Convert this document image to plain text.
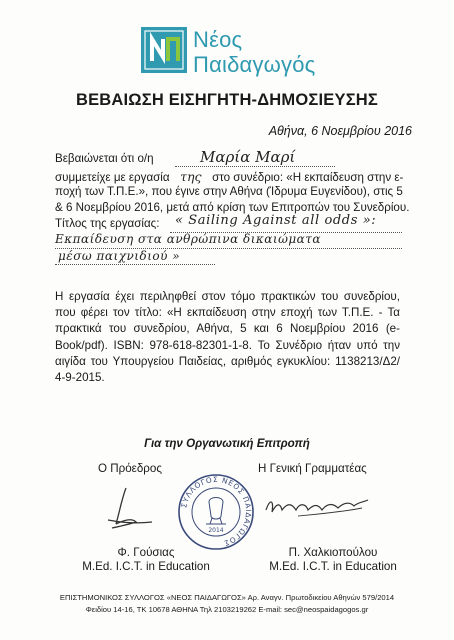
Νέος
Παιδαγωγός
ΒΕΒΑΙΩΣΗ ΕΙΣΗΓΗΤΗ-ΔΗΜΟΣΙΕΥΣΗΣ
Αθήνα, 6 Νοεμβρίου 2016
Βεβαιώνεται ότι ο/η	Μαρία Μαρί
συμμετείχε με εργασία της στο συνέδριο: «Η εκπαίδευση στην ε-
ποχή των Τ.Π.Ε.», που έγινε στην Αθήνα (Ίδρυμα Ευγενίδου), στις 5
& 6 Νοεμβρίου 2016, μετά από κρίση των Επιτροπών του Συνεδρίου.
Τίτλος της εργασίας: « Sailing Against all odds »:
Εκπαίδευση στα ανθρώπινα δικαιώματα
μέσω παιχνιδιού »
Η εργασία έχει περιληφθεί στον τόμο πρακτικών του συνεδρίου, που φέρει τον τίτλο: «Η εκπαίδευση στην εποχή των Τ.Π.Ε. - Τα πρακτικά του συνεδρίου, Αθήνα, 5 και 6 Νοεμβρίου 2016 (e- Book/pdf). ISBN: 978-618-82301-1-8. Το Συνέδριο ήταν υπό την αιγίδα του Υπουργείου Παιδείας, αριθμός εγκυκλίου: 1138213/Δ2/ 4-9-2015.
Για την Οργανωτική Επιτροπή
Ο Πρόεδρος	Η Γενική Γραμματέας
ΣΥΛΛΟΓΟΣ ΝΕΟΣ ΠΑΙΔΑΓΩΓΟΣ
2014
Φ. Γούσιας
M.Ed. I.C.T. in Education
Π. Χαλκιοπούλου
M.Ed. I.C.T. in Education
ΕΠΙΣΤΗΜΟΝΙΚΟΣ ΣΥΛΛΟΓΟΣ «ΝΕΟΣ ΠΑΙΔΑΓΩΓΟΣ» Αρ. Αναγν. Πρωτοδικείου Αθηνών 579/2014
Φειδίου 14-16, ΤΚ 10678 ΑΘΗΝΑ Τηλ 2103219262 E-mail: sec@neospaidagogos.gr
